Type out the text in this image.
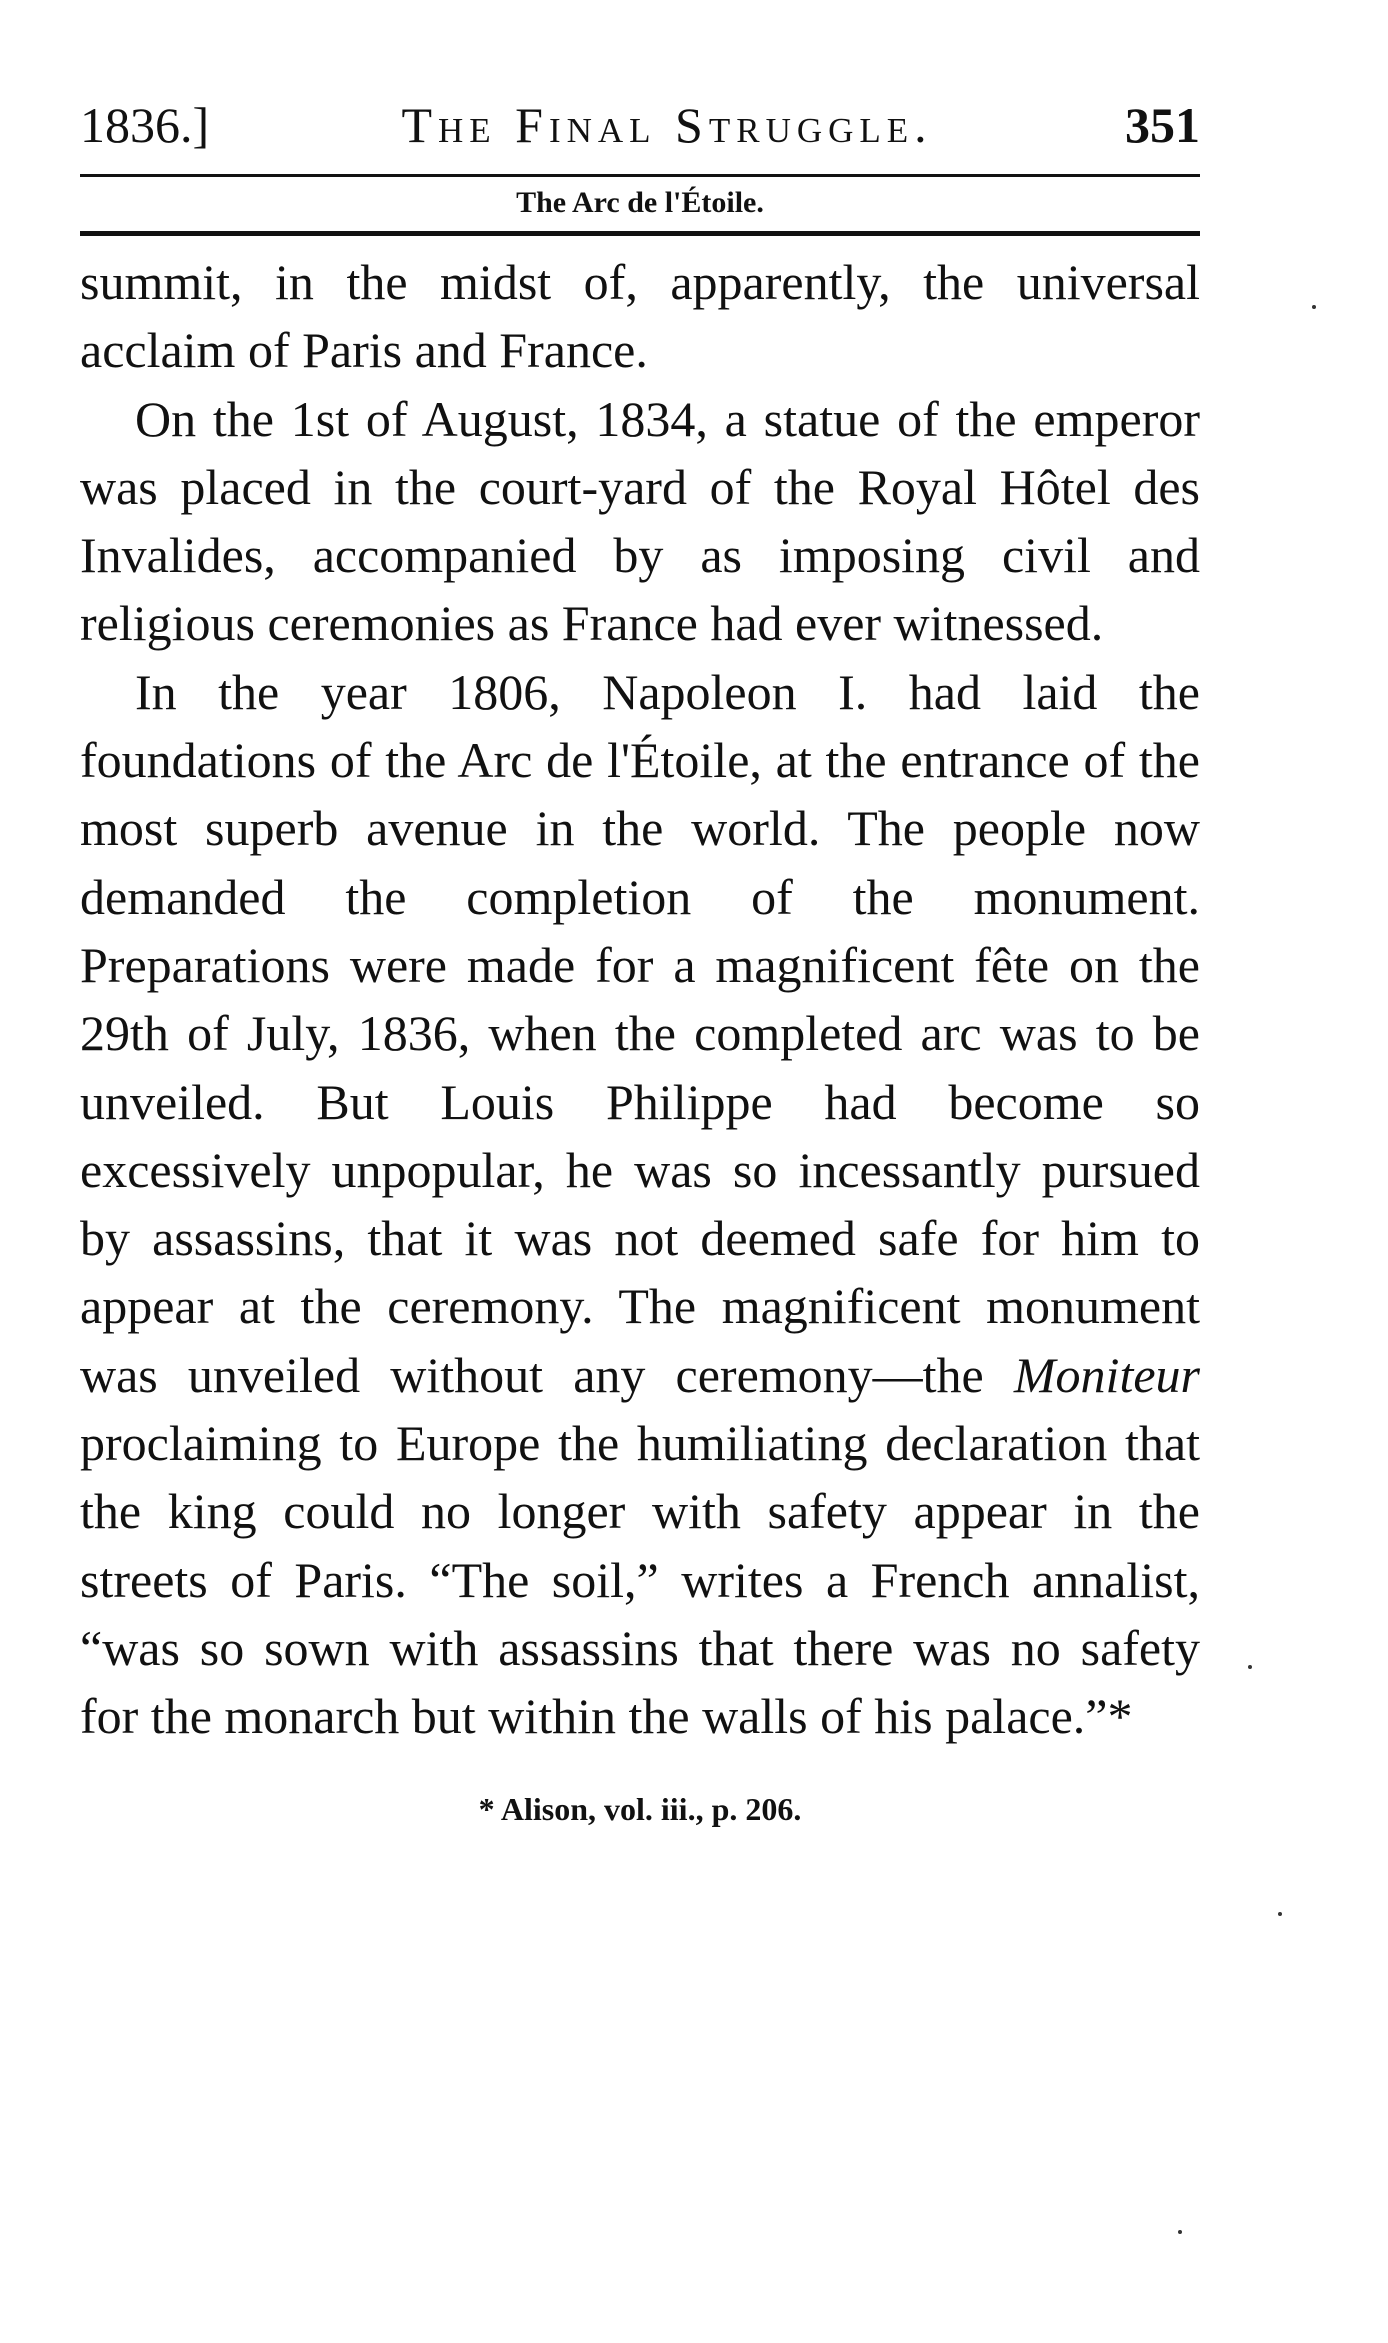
1836.]	The Final Struggle.	351
The Arc de l'Étoile.

summit, in the midst of, apparently, the universal acclaim of Paris and France.

On the 1st of August, 1834, a statue of the emperor was placed in the court-yard of the Royal Hôtel des Invalides, accompanied by as imposing civil and religious ceremonies as France had ever witnessed.

In the year 1806, Napoleon I. had laid the foundations of the Arc de l'Étoile, at the entrance of the most superb avenue in the world. The people now demanded the completion of the monument. Preparations were made for a magnificent fête on the 29th of July, 1836, when the completed arc was to be unveiled. But Louis Philippe had become so excessively unpopular, he was so incessantly pursued by assassins, that it was not deemed safe for him to appear at the ceremony. The magnificent monument was unveiled without any ceremony—the Moniteur proclaiming to Europe the humiliating declaration that the king could no longer with safety appear in the streets of Paris. “The soil,” writes a French annalist, “was so sown with assassins that there was no safety for the monarch but within the walls of his palace.”*

* Alison, vol. iii., p. 206.
